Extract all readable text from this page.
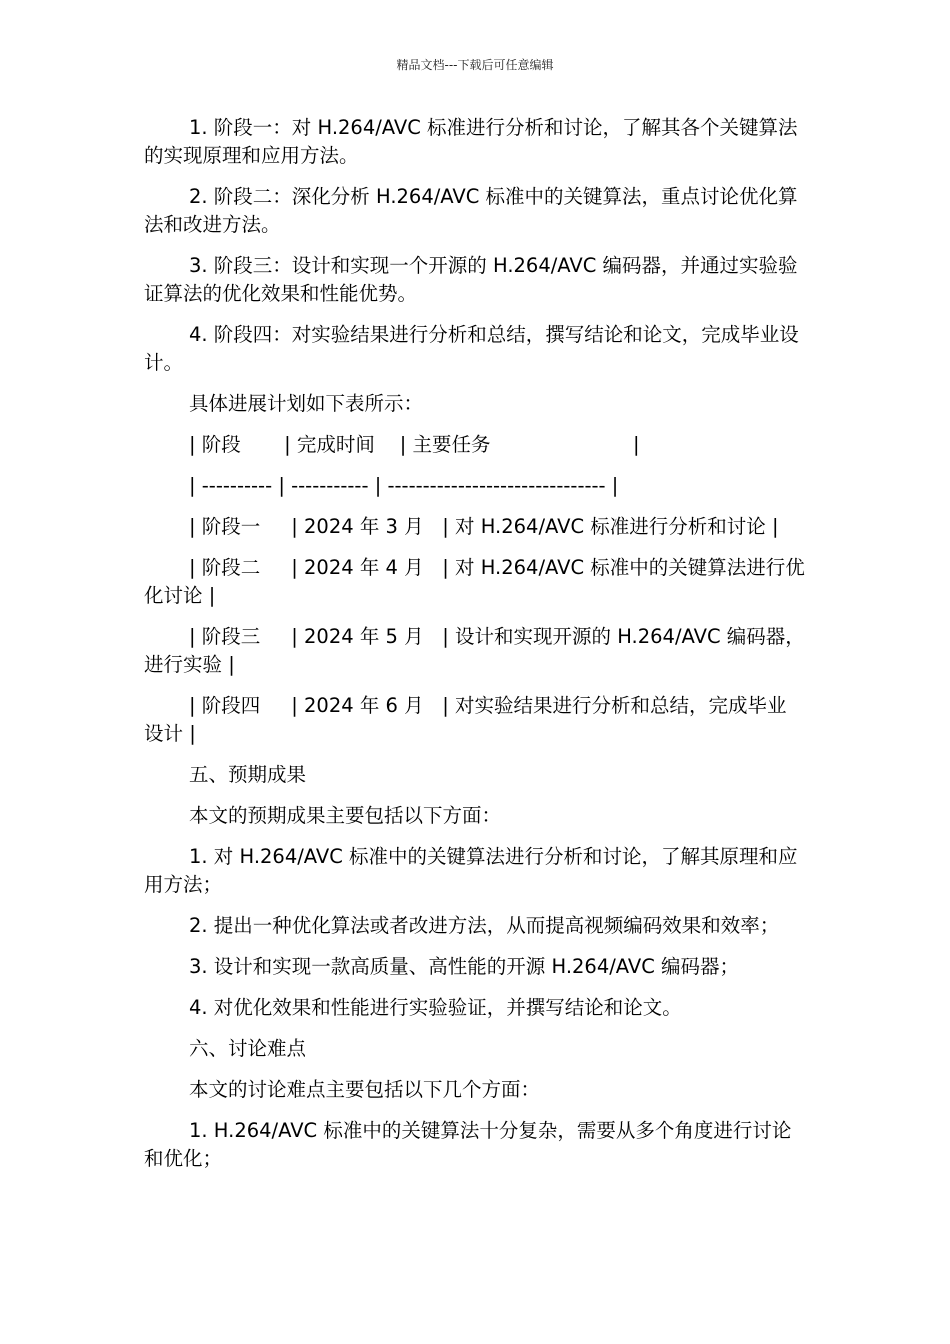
精品文档---下载后可任意编辑

1. 阶段一：对 H.264/AVC 标准进行分析和讨论，了解其各个关键算法的实现原理和应用方法。

2. 阶段二：深化分析 H.264/AVC 标准中的关键算法，重点讨论优化算法和改进方法。

3. 阶段三：设计和实现一个开源的 H.264/AVC 编码器，并通过实验验证算法的优化效果和性能优势。

4. 阶段四：对实验结果进行分析和总结，撰写结论和论文，完成毕业设计。

具体进展计划如下表所示：

| 阶段       | 完成时间    | 主要任务                       |

| ---------- | ----------- | ------------------------------- |

| 阶段一     | 2024 年 3 月   | 对 H.264/AVC 标准进行分析和讨论 |

| 阶段二     | 2024 年 4 月   | 对 H.264/AVC 标准中的关键算法进行优化讨论 |

| 阶段三     | 2024 年 5 月   | 设计和实现开源的 H.264/AVC 编码器，进行实验 |

| 阶段四     | 2024 年 6 月   | 对实验结果进行分析和总结，完成毕业设计 |

五、预期成果

本文的预期成果主要包括以下方面：

1. 对 H.264/AVC 标准中的关键算法进行分析和讨论，了解其原理和应用方法；

2. 提出一种优化算法或者改进方法，从而提高视频编码效果和效率；

3. 设计和实现一款高质量、高性能的开源 H.264/AVC 编码器；

4. 对优化效果和性能进行实验验证，并撰写结论和论文。

六、讨论难点

本文的讨论难点主要包括以下几个方面：

1. H.264/AVC 标准中的关键算法十分复杂，需要从多个角度进行讨论和优化；
